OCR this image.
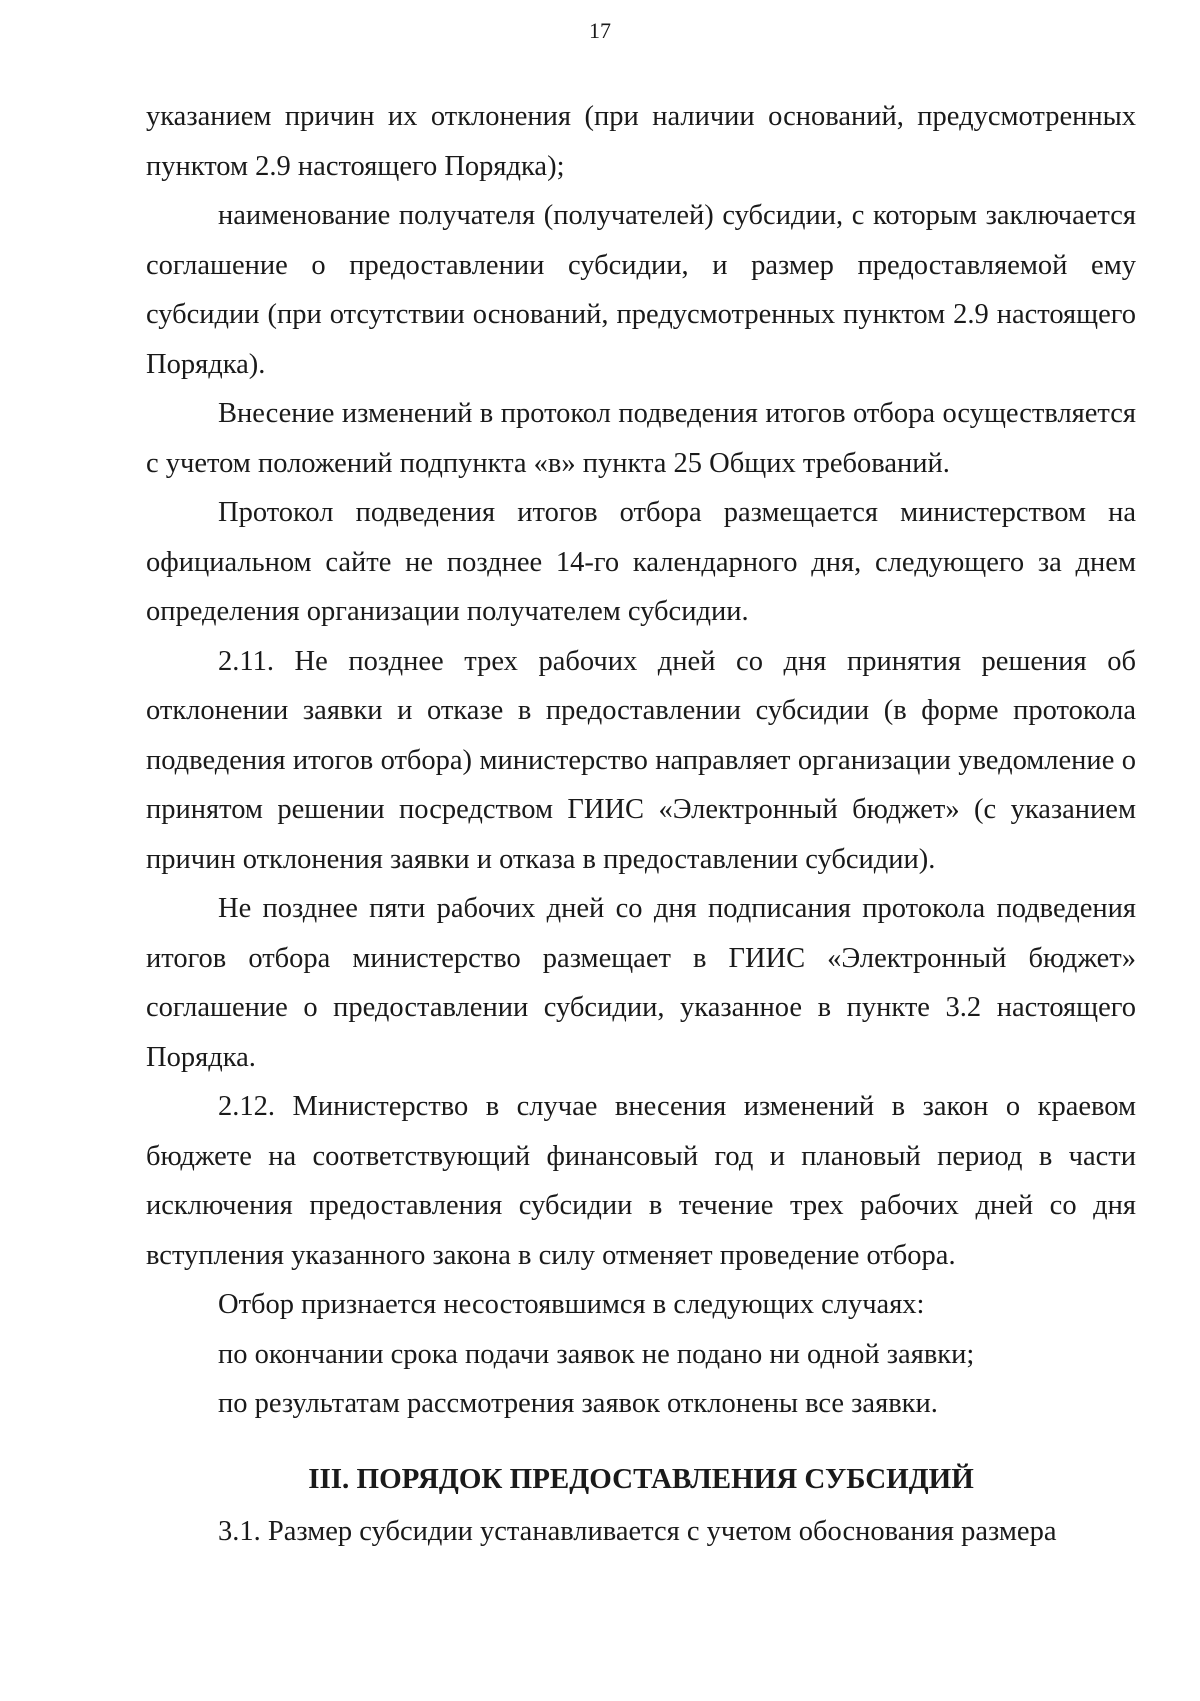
17

указанием причин их отклонения (при наличии оснований, предусмотренных пунктом 2.9 настоящего Порядка);

наименование получателя (получателей) субсидии, с которым заключается соглашение о предоставлении субсидии, и размер предоставляемой ему субсидии (при отсутствии оснований, предусмотренных пунктом 2.9 настоящего Порядка).

Внесение изменений в протокол подведения итогов отбора осуществляется с учетом положений подпункта «в» пункта 25 Общих требований.

Протокол подведения итогов отбора размещается министерством на официальном сайте не позднее 14-го календарного дня, следующего за днем определения организации получателем субсидии.

2.11. Не позднее трех рабочих дней со дня принятия решения об отклонении заявки и отказе в предоставлении субсидии (в форме протокола подведения итогов отбора) министерство направляет организации уведомление о принятом решении посредством ГИИС «Электронный бюджет» (с указанием причин отклонения заявки и отказа в предоставлении субсидии).

Не позднее пяти рабочих дней со дня подписания протокола подведения итогов отбора министерство размещает в ГИИС «Электронный бюджет» соглашение о предоставлении субсидии, указанное в пункте 3.2 настоящего Порядка.

2.12. Министерство в случае внесения изменений в закон о краевом бюджете на соответствующий финансовый год и плановый период в части исключения предоставления субсидии в течение трех рабочих дней со дня вступления указанного закона в силу отменяет проведение отбора.

Отбор признается несостоявшимся в следующих случаях:

по окончании срока подачи заявок не подано ни одной заявки;

по результатам рассмотрения заявок отклонены все заявки.

III. ПОРЯДОК ПРЕДОСТАВЛЕНИЯ СУБСИДИЙ

3.1. Размер субсидии устанавливается с учетом обоснования размера
